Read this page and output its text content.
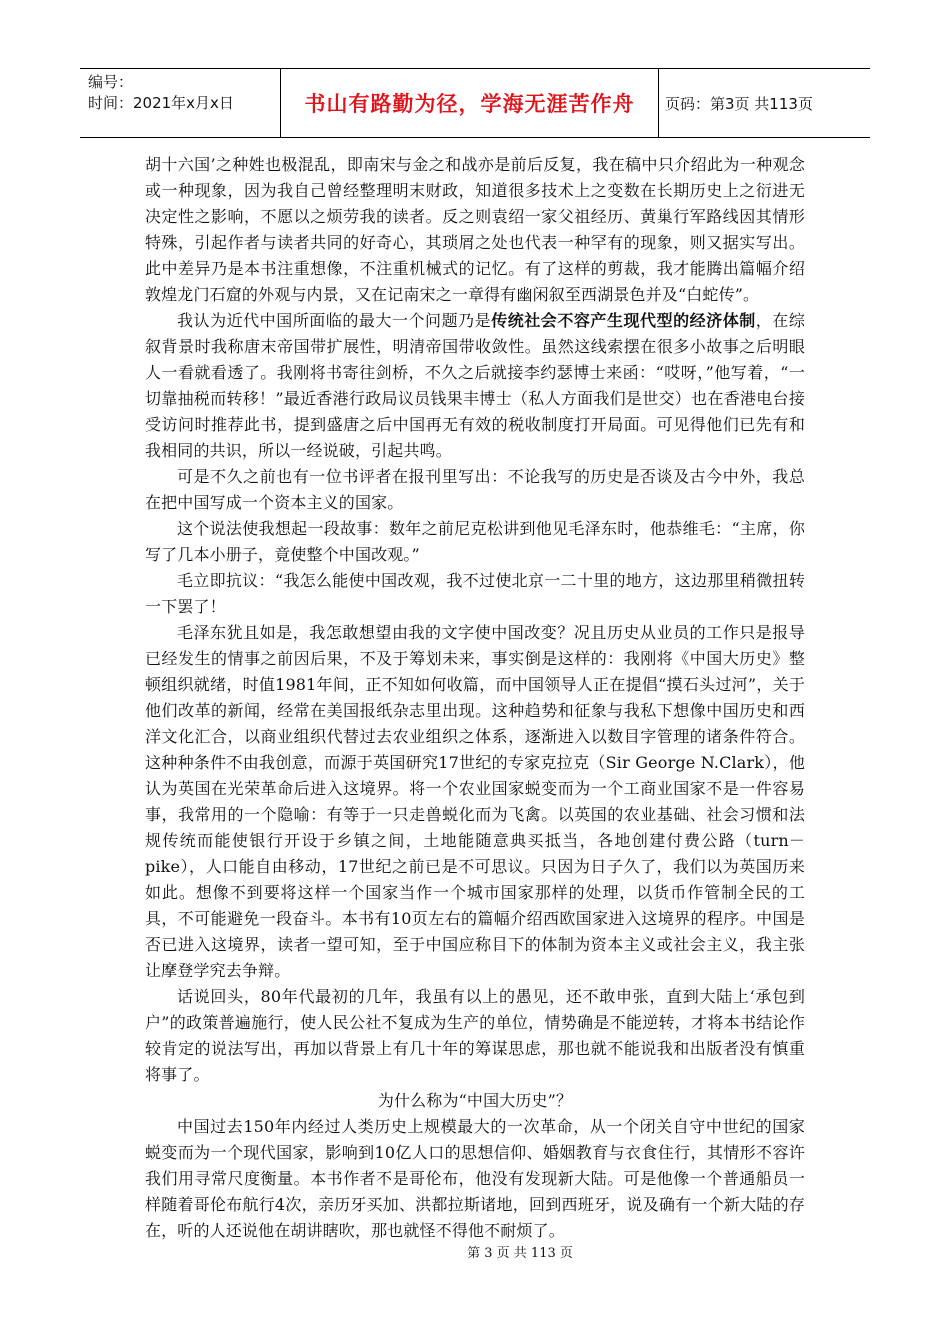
编号：
时间：2021年x月x日	书山有路勤为径，学海无涯苦作舟	页码：第3页 共113页

胡十六国’之种姓也极混乱，即南宋与金之和战亦是前后反复，我在稿中只介绍此为一种观念或一种现象，因为我自己曾经整理明末财政，知道很多技术上之变数在长期历史上之衍进无决定性之影响，不愿以之烦劳我的读者。反之则袁绍一家父祖经历、黄巢行军路线因其情形特殊，引起作者与读者共同的好奇心，其琐屑之处也代表一种罕有的现象，则又据实写出。此中差异乃是本书注重想像，不注重机械式的记忆。有了这样的剪裁，我才能腾出篇幅介绍敦煌龙门石窟的外观与内景，又在记南宋之一章得有幽闲叙至西湖景色并及“白蛇传”。

我认为近代中国所面临的最大一个问题乃是传统社会不容产生现代型的经济体制，在综叙背景时我称唐末帝国带扩展性，明清帝国带收敛性。虽然这线索摆在很多小故事之后明眼人一看就看透了。我刚将书寄往剑桥，不久之后就接李约瑟博士来函：“哎呀，”他写着，“一切靠抽税而转移！”最近香港行政局议员钱果丰博士（私人方面我们是世交）也在香港电台接受访问时推荐此书，提到盛唐之后中国再无有效的税收制度打开局面。可见得他们已先有和我相同的共识，所以一经说破，引起共鸣。

可是不久之前也有一位书评者在报刊里写出：不论我写的历史是否谈及古今中外，我总在把中国写成一个资本主义的国家。

这个说法使我想起一段故事：数年之前尼克松讲到他见毛泽东时，他恭维毛：“主席，你写了几本小册子，竟使整个中国改观。”

毛立即抗议：“我怎么能使中国改观，我不过使北京一二十里的地方，这边那里稍微扭转一下罢了！

毛泽东犹且如是，我怎敢想望由我的文字使中国改变？况且历史从业员的工作只是报导已经发生的情事之前因后果，不及于筹划未来，事实倒是这样的：我刚将《中国大历史》整顿组织就绪，时值1981年间，正不知如何收篇，而中国领导人正在提倡“摸石头过河”，关于他们改革的新闻，经常在美国报纸杂志里出现。这种趋势和征象与我私下想像中国历史和西洋文化汇合，以商业组织代替过去农业组织之体系，逐渐进入以数目字管理的诸条件符合。这种种条件不由我创意，而源于英国研究17世纪的专家克拉克（Sir George N.Clark），他认为英国在光荣革命后进入这境界。将一个农业国家蜕变而为一个工商业国家不是一件容易事，我常用的一个隐喻：有等于一只走兽蜕化而为飞禽。以英国的农业基础、社会习惯和法规传统而能使银行开设于乡镇之间，土地能随意典买抵当，各地创建付费公路（turn－pike），人口能自由移动，17世纪之前已是不可思议。只因为日子久了，我们以为英国历来如此。想像不到要将这样一个国家当作一个城市国家那样的处理，以货币作管制全民的工具，不可能避免一段奋斗。本书有10页左右的篇幅介绍西欧国家进入这境界的程序。中国是否已进入这境界，读者一望可知，至于中国应称目下的体制为资本主义或社会主义，我主张让摩登学究去争辩。

话说回头，80年代最初的几年，我虽有以上的愚见，还不敢申张，直到大陆上‘承包到户”的政策普遍施行，使人民公社不复成为生产的单位，情势确是不能逆转，才将本书结论作较肯定的说法写出，再加以背景上有几十年的筹谋思虑，那也就不能说我和出版者没有慎重将事了。

为什么称为“中国大历史”？

中国过去150年内经过人类历史上规模最大的一次革命，从一个闭关自守中世纪的国家蜕变而为一个现代国家，影响到10亿人口的思想信仰、婚姻教育与衣食住行，其情形不容许我们用寻常尺度衡量。本书作者不是哥伦布，他没有发现新大陆。可是他像一个普通船员一样随着哥伦布航行4次，亲历牙买加、洪都拉斯诸地，回到西班牙，说及确有一个新大陆的存在，听的人还说他在胡讲瞎吹，那也就怪不得他不耐烦了。

第 3 页 共 113 页
